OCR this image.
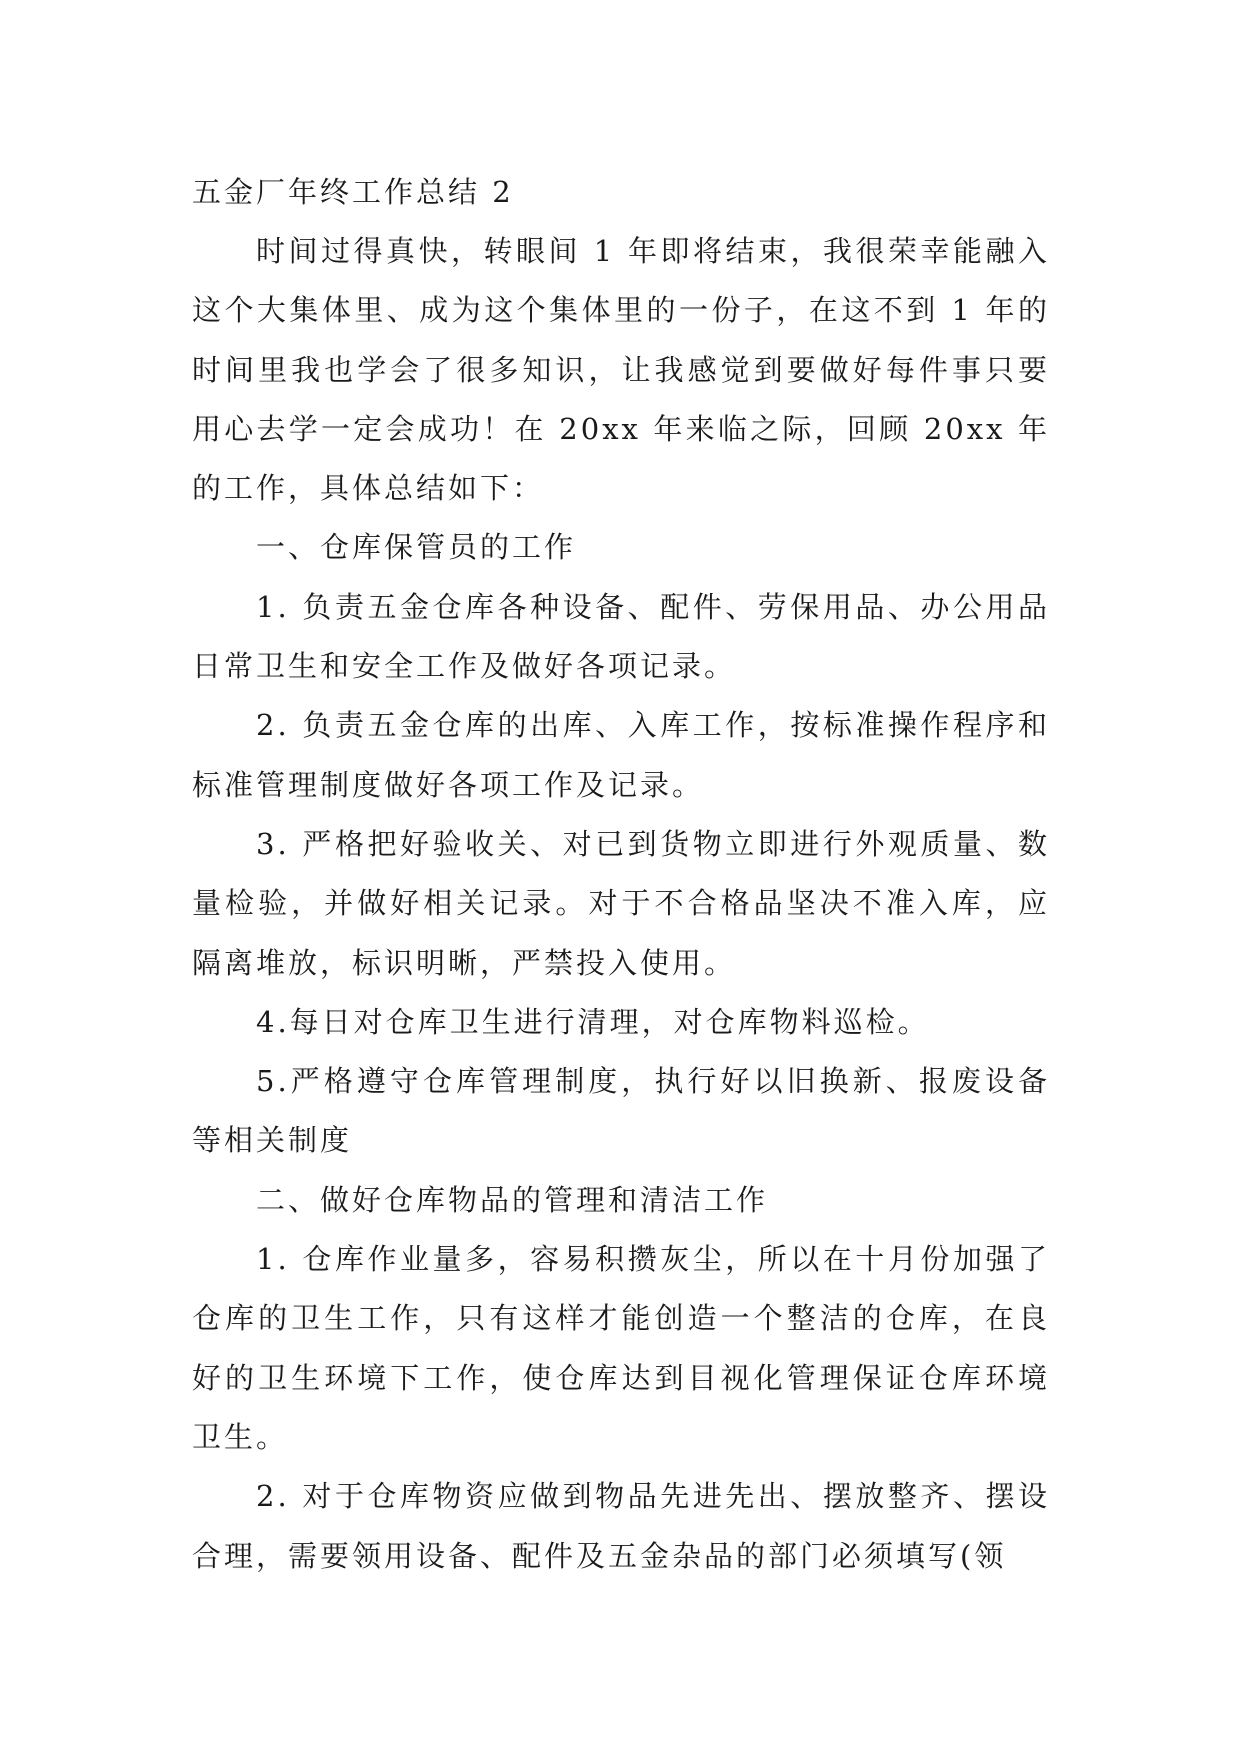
五金厂年终工作总结 2

时间过得真快，转眼间 1 年即将结束，我很荣幸能融入这个大集体里、成为这个集体里的一份子，在这不到 1 年的时间里我也学会了很多知识，让我感觉到要做好每件事只要用心去学一定会成功！在 20xx 年来临之际，回顾 20xx 年的工作，具体总结如下：

一、仓库保管员的工作

1. 负责五金仓库各种设备、配件、劳保用品、办公用品日常卫生和安全工作及做好各项记录。

2. 负责五金仓库的出库、入库工作，按标准操作程序和标准管理制度做好各项工作及记录。

3. 严格把好验收关、对已到货物立即进行外观质量、数量检验，并做好相关记录。对于不合格品坚决不准入库，应隔离堆放，标识明晰，严禁投入使用。

4.每日对仓库卫生进行清理，对仓库物料巡检。

5.严格遵守仓库管理制度，执行好以旧换新、报废设备等相关制度

二、做好仓库物品的管理和清洁工作

1. 仓库作业量多，容易积攒灰尘，所以在十月份加强了仓库的卫生工作，只有这样才能创造一个整洁的仓库，在良好的卫生环境下工作，使仓库达到目视化管理保证仓库环境卫生。

2. 对于仓库物资应做到物品先进先出、摆放整齐、摆设合理，需要领用设备、配件及五金杂品的部门必须填写(领
